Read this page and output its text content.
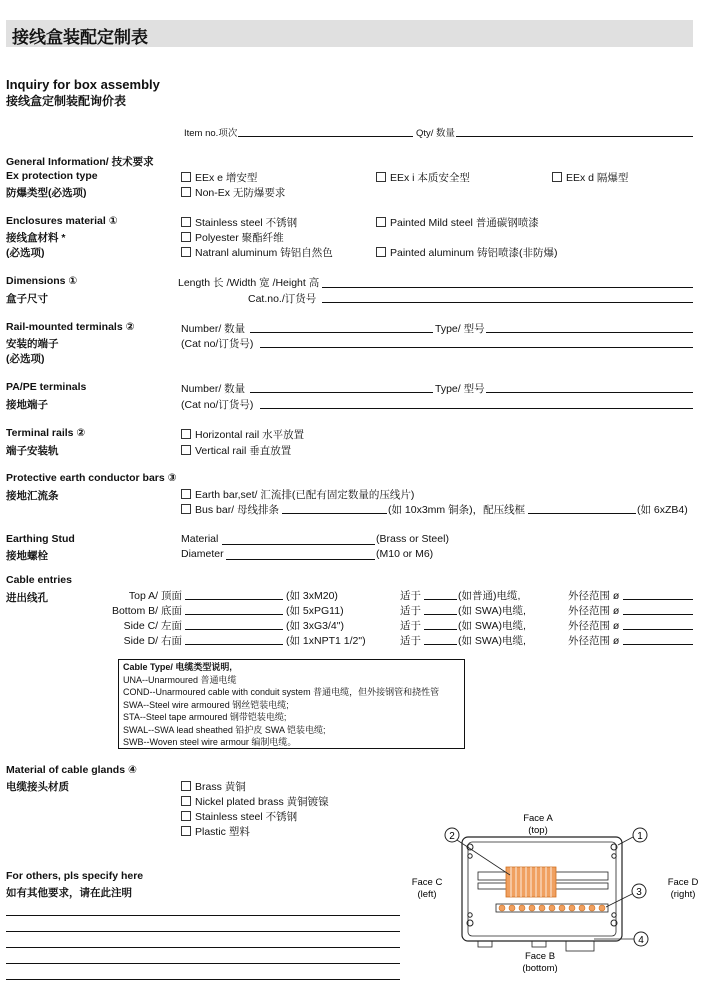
接线盒装配定制表
Inquiry for box assembly
接线盒定制装配询价表
Item no.项次	Qty/ 数量
General Information/ 技术要求
Ex protection type
防爆类型(必选项)
EEx e 增安型	EEx i 本质安全型	EEx d 隔爆型
Non-Ex 无防爆要求
Enclosures material ①
接线盒材料 *
(必选项)
Stainless steel 不锈钢	Painted Mild steel 普通碳钢喷漆
Polyester 聚酯纤维
Natranl aluminum 铸铝自然色	Painted aluminum 铸铝喷漆(非防爆)
Dimensions ①
盒子尺寸
Length 长 /Width 宽 /Height 高
Cat.no./订货号
Rail-mounted terminals ②
安装的端子
(必选项)
Number/ 数量	Type/ 型号
(Cat no/订货号)
PA/PE terminals
接地端子
Number/ 数量	Type/ 型号
(Cat no/订货号)
Terminal rails ②
端子安装轨
Horizontal rail 水平放置
Vertical rail 垂直放置
Protective earth conductor bars ③
接地汇流条	Earth bar,set/ 汇流排(已配有固定数量的压线片)
Bus bar/ 母线排条	(如 10x3mm 铜条)，配压线框	(如 6xZB4)
Earthing Stud
接地螺栓
Material	(Brass or Steel)
Diameter	(M10 or M6)
Cable entries
进出线孔	Top A/ 顶面	(如 3xM20)	适于	(如普通)电缆,	外径范围 ø
Bottom B/ 底面	(如 5xPG11)	适于	(如 SWA)电缆,	外径范围 ø
Side C/ 左面	(如 3xG3/4")	适于	(如 SWA)电缆,	外径范围 ø
Side D/ 右面	(如 1xNPT1 1/2")	适于	(如 SWA)电缆,	外径范围 ø
Cable Type/ 电缆类型说明,
UNA--Unarmoured 普通电缆
COND--Unarmoured cable with conduit system 普通电缆，但外接钢管和挠性管
SWA--Steel wire armoured 钢丝铠装电缆;
STA--Steel tape armoured 钢带铠装电缆;
SWAL--SWA lead sheathed 铅护皮 SWA 铠装电缆;
SWB--Woven steel wire armour 编制电缆。
Material of cable glands ④
电缆接头材质	Brass 黄铜
Nickel plated brass 黄铜镀镍
Stainless steel 不锈钢
Plastic 塑料
For others, pls specify here
如有其他要求，请在此注明
Face A
(top)
Face C
(left)
Face D
(right)
Face B
(bottom)
2	1
3
4
